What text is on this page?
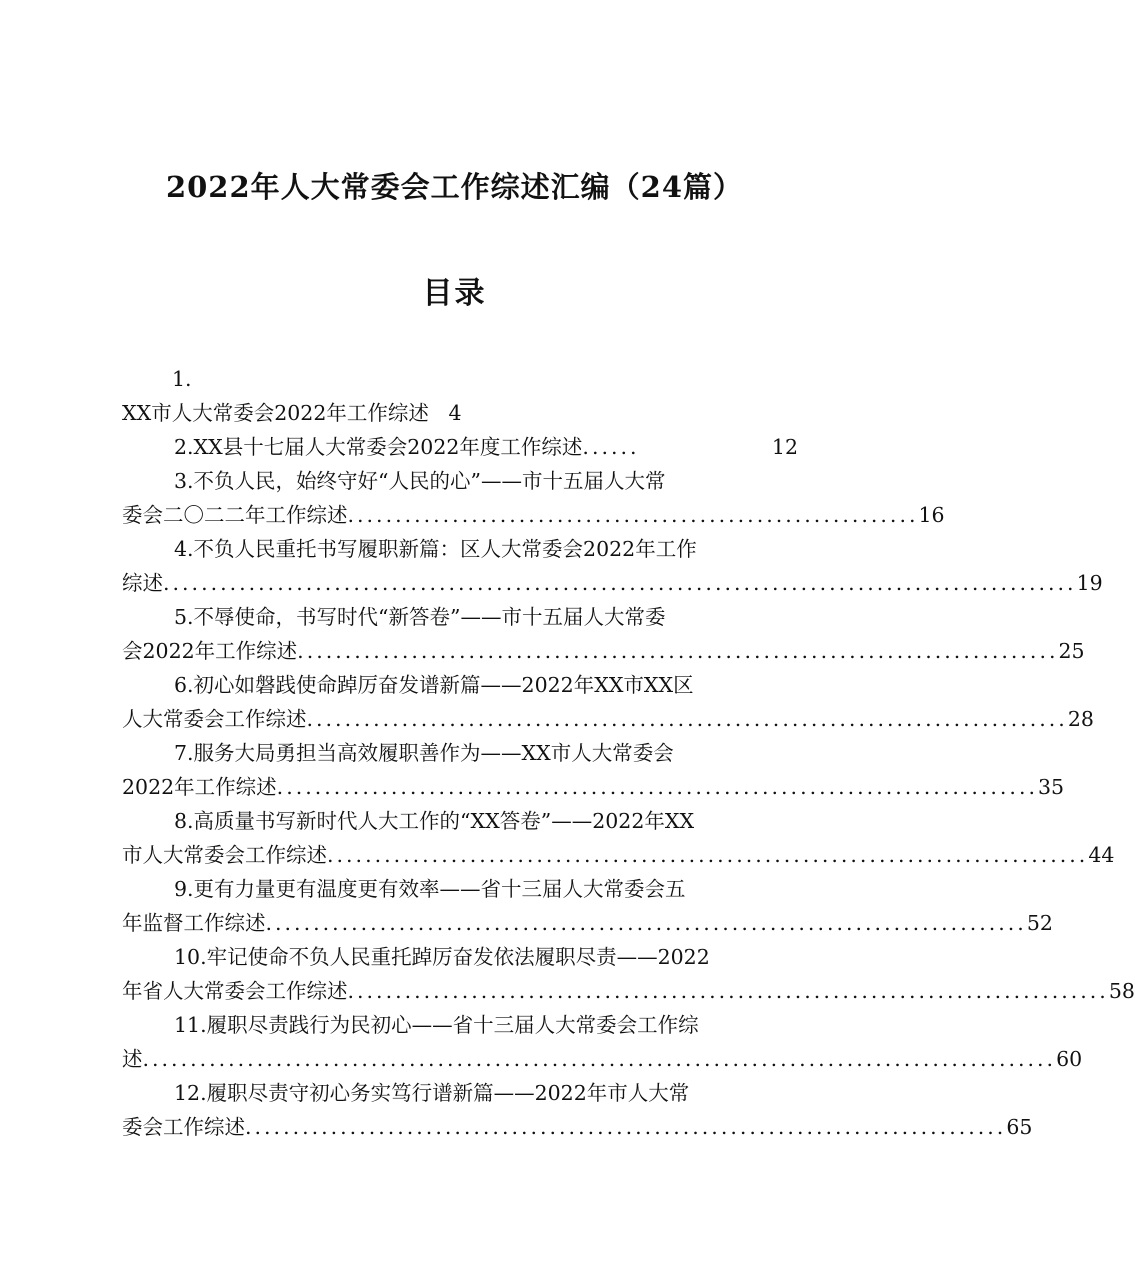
2022年人大常委会工作综述汇编（24篇）
目录
1.
XX市人大常委会2022年工作综述 4
2.XX县十七届人大常委会2022年度工作综述 ......	12
3.不负人民，始终守好“人民的心”——市十五届人大常
委会二〇二二年工作综述 ............................................................ 16
4.不负人民重托书写履职新篇：区人大常委会2022年工作
综述 ................................................................................................ 19
5.不辱使命，书写时代“新答卷”——市十五届人大常委
会2022年工作综述 ................................................................................ 25
6.初心如磐践使命踔厉奋发谱新篇——2022年XX市XX区
人大常委会工作综述 ................................................................................ 28
7.服务大局勇担当高效履职善作为——XX市人大常委会
2022年工作综述 ................................................................................ 35
8.高质量书写新时代人大工作的“XX答卷”——2022年XX
市人大常委会工作综述 ................................................................................ 44
9.更有力量更有温度更有效率——省十三届人大常委会五
年监督工作综述 ................................................................................ 52
10.牢记使命不负人民重托踔厉奋发依法履职尽责——2022
年省人大常委会工作综述 ................................................................................ 58
11.履职尽责践行为民初心——省十三届人大常委会工作综
述 ................................................................................................ 60
12.履职尽责守初心务实笃行谱新篇——2022年市人大常
委会工作综述 ................................................................................ 65
